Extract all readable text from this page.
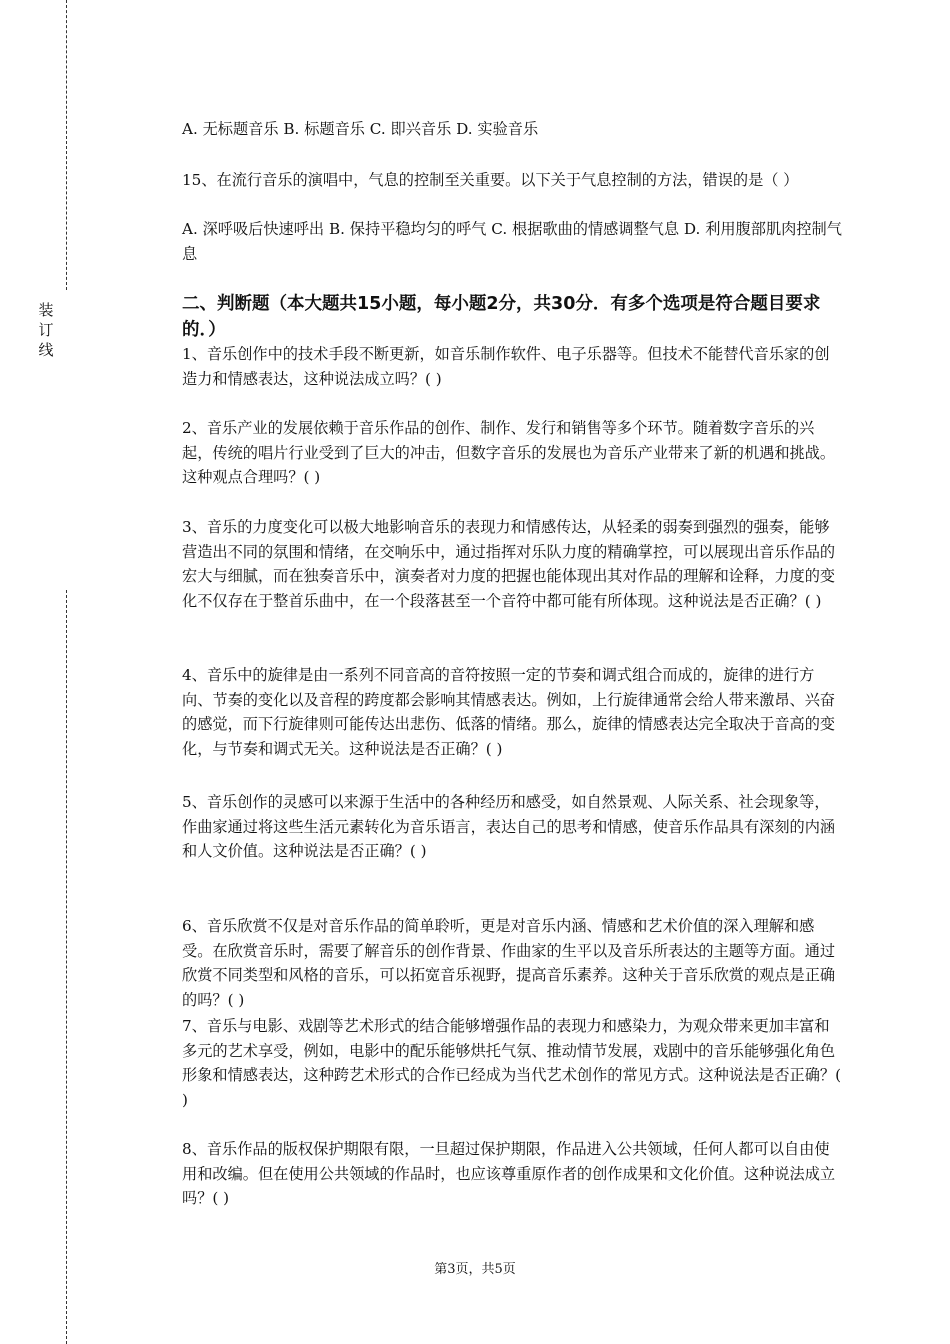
装
订
线

A. 无标题音乐 B. 标题音乐 C. 即兴音乐 D. 实验音乐

15、在流行音乐的演唱中，气息的控制至关重要。以下关于气息控制的方法，错误的是（ ）

A. 深呼吸后快速呼出 B. 保持平稳均匀的呼气 C. 根据歌曲的情感调整气息 D. 利用腹部肌肉控制气息

二、判断题（本大题共15小题，每小题2分，共30分．有多个选项是符合题目要求的．）

1、音乐创作中的技术手段不断更新，如音乐制作软件、电子乐器等。但技术不能替代音乐家的创造力和情感表达，这种说法成立吗？( )

2、音乐产业的发展依赖于音乐作品的创作、制作、发行和销售等多个环节。随着数字音乐的兴起，传统的唱片行业受到了巨大的冲击，但数字音乐的发展也为音乐产业带来了新的机遇和挑战。这种观点合理吗？( )

3、音乐的力度变化可以极大地影响音乐的表现力和情感传达，从轻柔的弱奏到强烈的强奏，能够营造出不同的氛围和情绪，在交响乐中，通过指挥对乐队力度的精确掌控，可以展现出音乐作品的宏大与细腻，而在独奏音乐中，演奏者对力度的把握也能体现出其对作品的理解和诠释，力度的变化不仅存在于整首乐曲中，在一个段落甚至一个音符中都可能有所体现。这种说法是否正确？( )

4、音乐中的旋律是由一系列不同音高的音符按照一定的节奏和调式组合而成的，旋律的进行方向、节奏的变化以及音程的跨度都会影响其情感表达。例如，上行旋律通常会给人带来激昂、兴奋的感觉，而下行旋律则可能传达出悲伤、低落的情绪。那么，旋律的情感表达完全取决于音高的变化，与节奏和调式无关。这种说法是否正确？( )

5、音乐创作的灵感可以来源于生活中的各种经历和感受，如自然景观、人际关系、社会现象等，作曲家通过将这些生活元素转化为音乐语言，表达自己的思考和情感，使音乐作品具有深刻的内涵和人文价值。这种说法是否正确？( )

6、音乐欣赏不仅是对音乐作品的简单聆听，更是对音乐内涵、情感和艺术价值的深入理解和感受。在欣赏音乐时，需要了解音乐的创作背景、作曲家的生平以及音乐所表达的主题等方面。通过欣赏不同类型和风格的音乐，可以拓宽音乐视野，提高音乐素养。这种关于音乐欣赏的观点是正确的吗？( )

7、音乐与电影、戏剧等艺术形式的结合能够增强作品的表现力和感染力，为观众带来更加丰富和多元的艺术享受，例如，电影中的配乐能够烘托气氛、推动情节发展，戏剧中的音乐能够强化角色形象和情感表达，这种跨艺术形式的合作已经成为当代艺术创作的常见方式。这种说法是否正确？( )

8、音乐作品的版权保护期限有限，一旦超过保护期限，作品进入公共领域，任何人都可以自由使用和改编。但在使用公共领域的作品时，也应该尊重原作者的创作成果和文化价值。这种说法成立吗？( )

第3页，共5页
